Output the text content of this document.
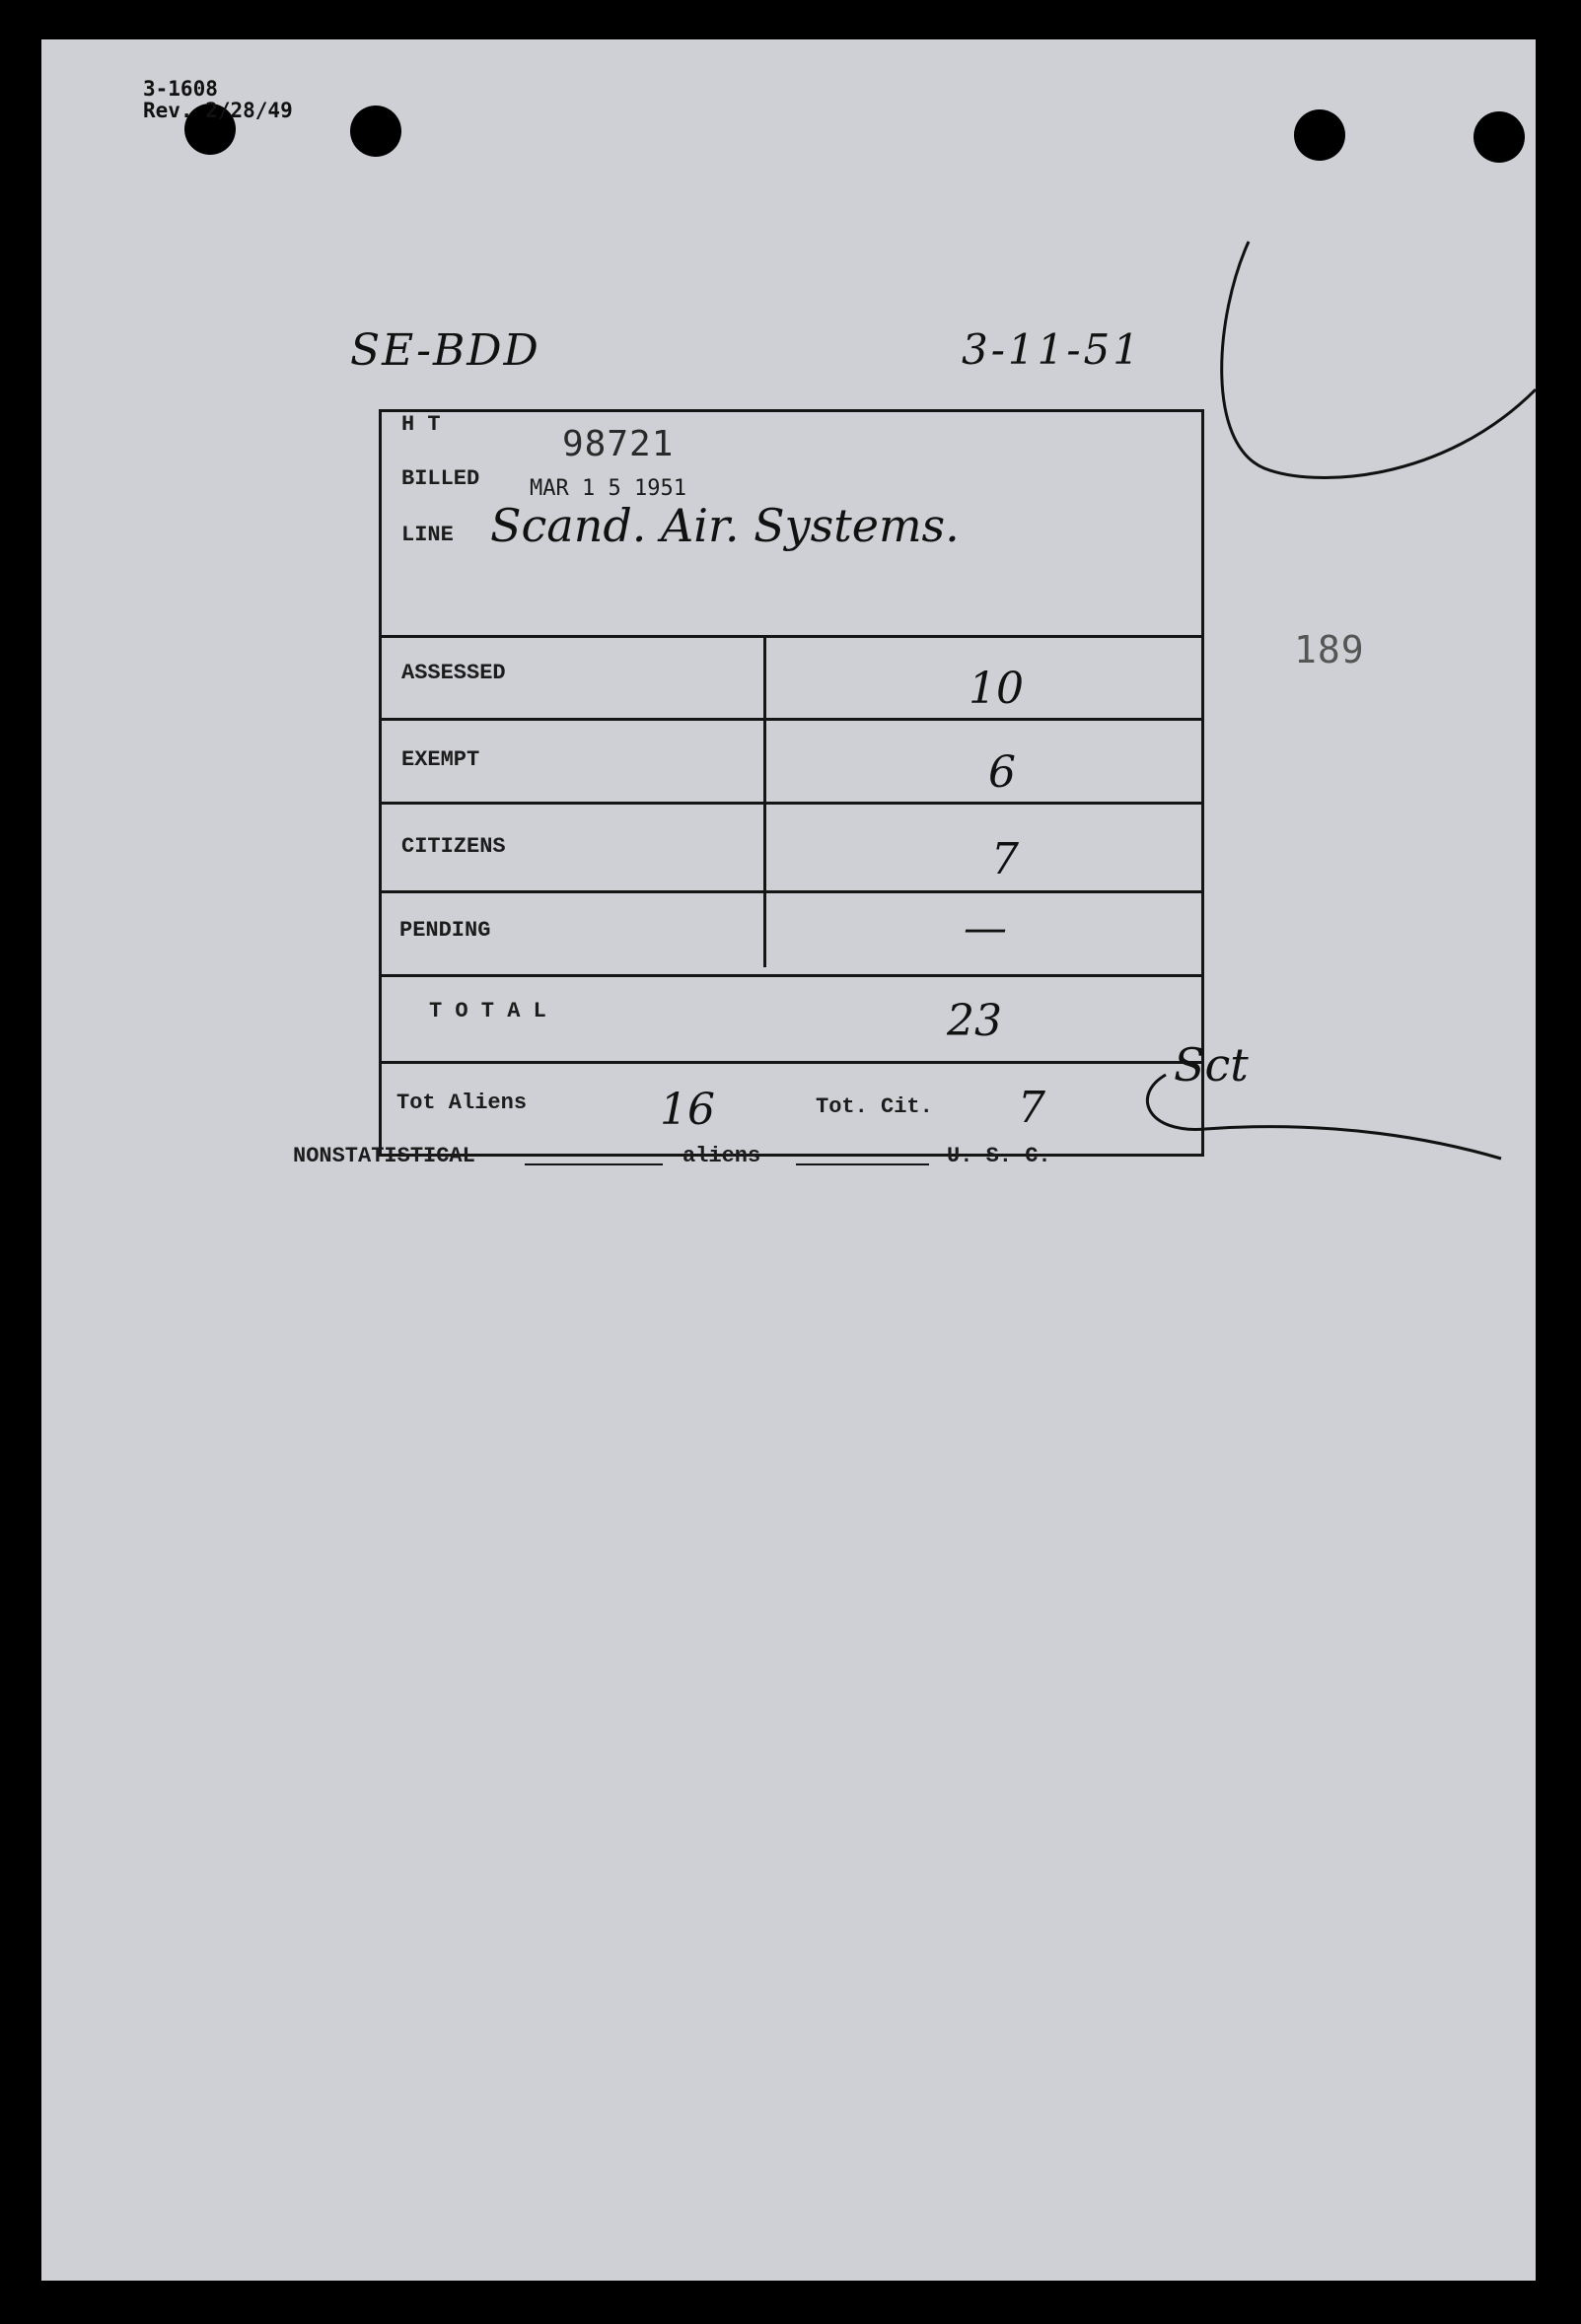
3-1608
Rev. 2/28/49
SE-BDD	3-11-51
H T	98721
BILLED MAR 1 5 1951
LINE Scand. Air. Systems.
ASSESSED	10
EXEMPT	6
CITIZENS	7
PENDING	—
T O T A L	23
Tot Aliens	16	Tot. Cit. 7
189
Sct
NONSTATISTICAL	aliens	U. S. C.
